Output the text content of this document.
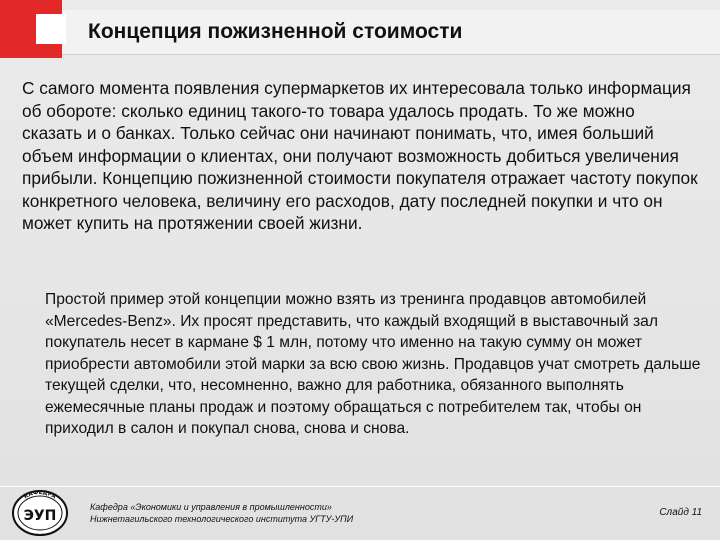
Концепция пожизненной стоимости

С самого момента появления супермаркетов их интересовала только информация об обороте: сколько единиц такого-то товара удалось продать. То же можно сказать и о банках. Только сейчас они начинают понимать, что, имея больший объем информации о клиентах, они получают возможность добиться увеличения прибыли. Концепцию пожизненной стоимости покупателя отражает частоту покупок конкретного человека, величину его расходов, дату последней покупки и что он может купить на протяжении своей жизни.

Простой пример этой концепции можно взять из тренинга продавцов автомобилей «Mercedes-Benz». Их просят представить, что каждый входящий в выставочный зал покупатель несет в кармане $ 1 млн, потому что именно на такую сумму он может приобрести автомобили этой марки за всю свою жизнь. Продавцов учат смотреть дальше текущей сделки, что, несомненно, важно для работника, обязанного выполнять ежемесячные планы продаж и поэтому обращаться с потребителем так, чтобы он приходил в салон и покупал снова, снова и снова.

КАФЕДРА
ЭУП
Кафедра «Экономики и управления в промышленности»
Нижнетагильского технологического института УГТУ-УПИ
Слайд 11
